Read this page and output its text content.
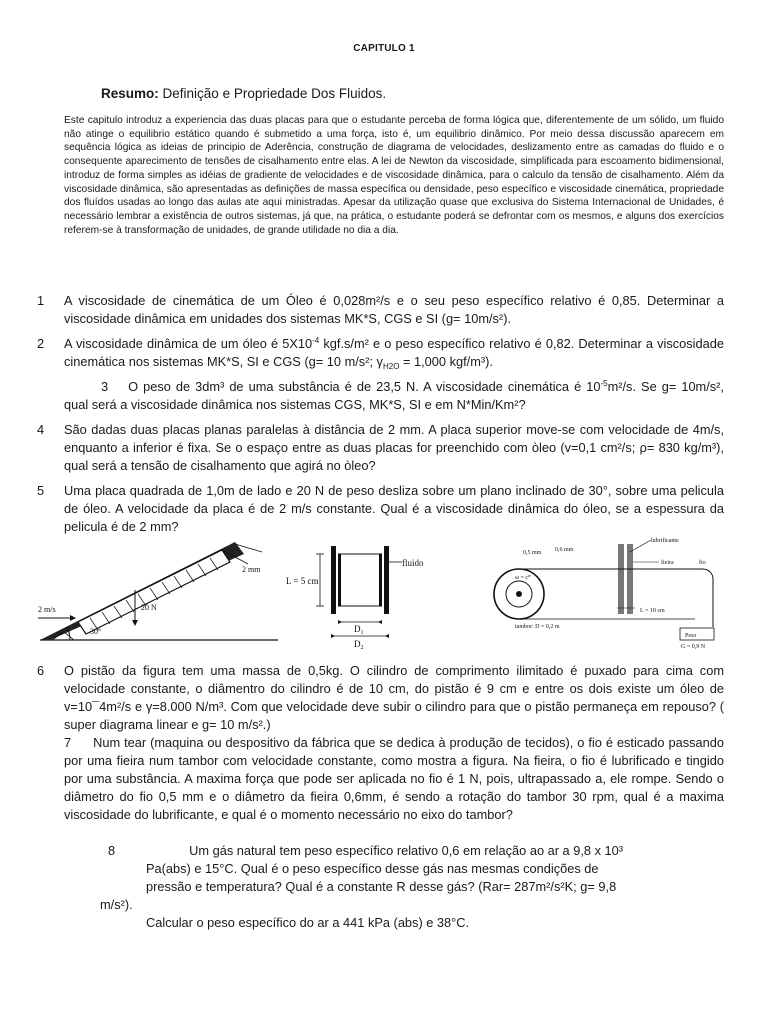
CAPITULO 1
Resumo: Definição e Propriedade Dos Fluidos.
Este capitulo introduz a experiencia das duas placas para que o estudante perceba de forma lógica que, diferentemente de um sólido, um fluido não atinge o equilibrio estático quando é submetido a uma força, isto é, um equilibrio dinâmico. Por meio dessa discussão aparecem em sequência lógica as ideias de principio de Aderência, construção de diagrama de velocidades, deslizamento entre as camadas do fluido e o consequente aparecimento de tensões de cisalhamento entre elas. A lei de Newton da viscosidade, simplificada para escoamento bidimensional, introduz de forma simples as idéias de gradiente de velocidades e de viscosidade dinâmica, para o calculo da tensão de cisalhamento. Além da viscosidade dinâmica, são apresentadas as definições de massa específica ou densidade, peso específico e viscosidade cinemática, propriedade dos fluídos usadas ao longo das aulas ate aqui ministradas. Apesar da utilização quase que exclusiva do Sistema Internacional de Unidades, é necessário lembrar a existência de outros sistemas, já que, na prática, o estudante poderá se defrontar com os mesmos, e alguns dos exercícios referem-se à transformação de unidades, de grande utilidade no dia a dia.
1 A viscosidade de cinemática de um Óleo é 0,028m²/s e o seu peso específico relativo é 0,85. Determinar a viscosidade dinâmica em unidades dos sistemas MK*S, CGS e SI (g= 10m/s²).
2 A viscosidade dinâmica de um óleo é $5X10^{-4}$ kgf.s/m² e o peso específico relativo é 0,82. Determinar a viscosidade cinemática nos sistemas MK*S, SI e CGS (g= 10 m/s²; $\gamma_{H2O} = 1,000$ kgf/m³).
3 O peso de 3dm³ de uma substância é de 23,5 N. A viscosidade cinemática é $10^{-5}m^2/s$. Se g= 10m/s², qual será a viscosidade dinâmica nos sistemas CGS, MK*S, SI e em N*Min/Km²?
4 São dadas duas placas planas paralelas à distância de 2 mm. A placa superior move-se com velocidade de 4m/s, enquanto a inferior é fixa. Se o espaço entre as duas placas for preenchido com òleo (v=0,1 cm²/s; ρ= 830 kg/m³), qual será a tensão de cisalhamento que agirá no òleo?
5 Uma placa quadrada de 1,0m de lado e 20 N de peso desliza sobre um plano inclinado de 30°, sobre uma pelicula de óleo. A velocidade da placa é de 2 m/s constante. Qual é a viscosidade dinâmica do óleo, se a espessura da pelicula é de 2 mm?
2 mm
2 m/s	20 N
30°
L = 5 cm
fluido
$D_1$
$D_2$
0,5 mm 0,6 mm
lubrificante
fieira	fio
$\omega = c^{te}$
Peso
G = 0,9 N
tambor: D = 0,2 m
L = 10 cm
6 O pistão da figura tem uma massa de 0,5kg. O cilindro de comprimento ilimitado é puxado para cima com velocidade constante, o diâmentro do cilindro é de 10 cm, do pistão é 9 cm e entre os dois existe um óleo de v=10¯4m²/s e γ=8.000 N/m³. Com que velocidade deve subir o cilindro para que o pistão permaneça em repouso? ( super diagrama linear e g= 10 m/s².)
7 Num tear (maquina ou despositivo da fábrica que se dedica à produção de tecidos), o fio é esticado passando por uma fieira num tambor com velocidade constante, como mostra a figura. Na fieira, o fio é lubrificado e tingido por uma substância. A maxima força que pode ser aplicada no fio é 1 N, pois, ultrapassado a, ele rompe. Sendo o diâmetro do fio 0,5 mm e o diâmetro da fieira 0,6mm, é sendo a rotação do tambor 30 rpm, qual é a maxima viscosidade do lubrificante, e qual é o momento necessário no eixo do tambor?
8	Um gás natural tem peso específico relativo 0,6 em relação ao ar a 9,8 x 10³
Pa(abs) e 15°C. Qual é o peso específico desse gás nas mesmas condições de
pressão e temperatura? Qual é a constante R desse gás? (Rar= 287m²/s²K; g= 9,8
m/s²).
Calcular o peso específico do ar a 441 kPa (abs) e 38°C.
